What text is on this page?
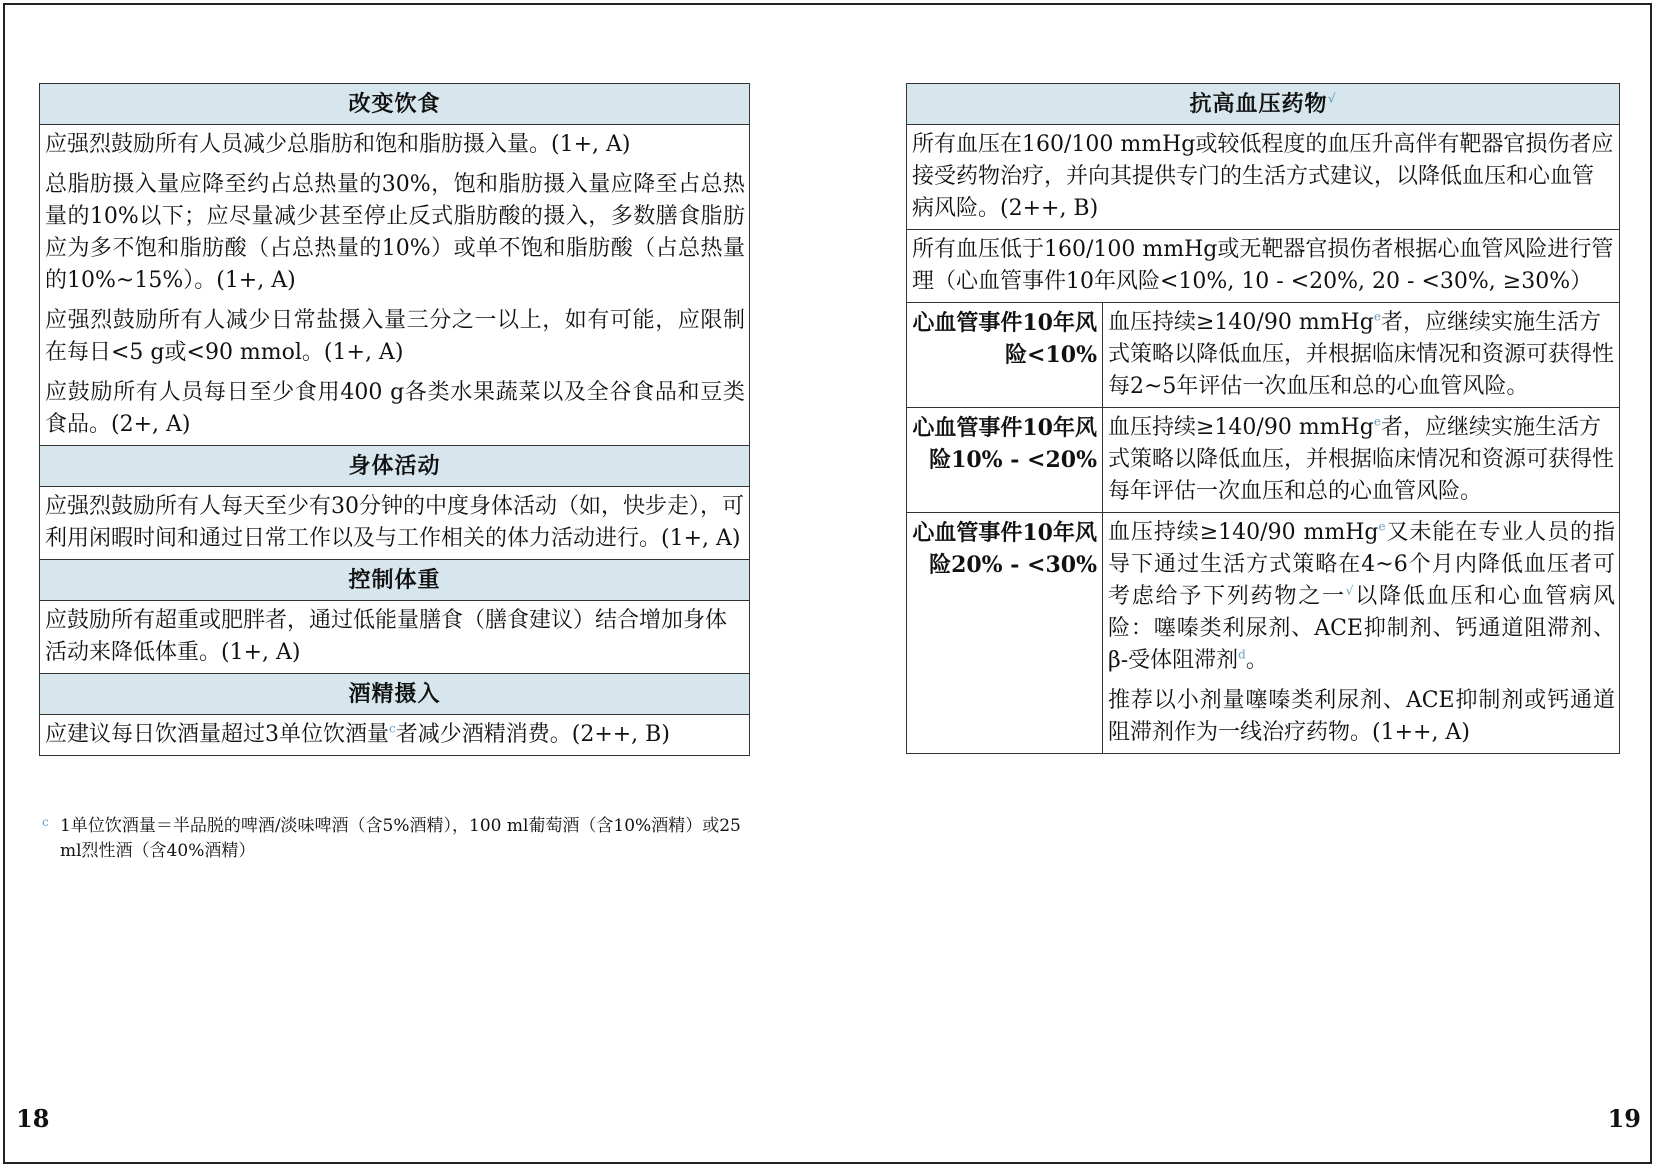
改变饮食

应强烈鼓励所有人员减少总脂肪和饱和脂肪摄入量。(1+, A)
总脂肪摄入量应降至约占总热量的30%，饱和脂肪摄入量应降至占总热量的10%以下；应尽量减少甚至停止反式脂肪酸的摄入，多数膳食脂肪应为多不饱和脂肪酸（占总热量的10%）或单不饱和脂肪酸（占总热量的10%~15%）。(1+, A)
应强烈鼓励所有人减少日常盐摄入量三分之一以上，如有可能，应限制在每日<5 g或<90 mmol。(1+, A)
应鼓励所有人员每日至少食用400 g各类水果蔬菜以及全谷食品和豆类食品。(2+, A)

身体活动
应强烈鼓励所有人每天至少有30分钟的中度身体活动（如，快步走），可利用闲暇时间和通过日常工作以及与工作相关的体力活动进行。(1+, A)
控制体重
应鼓励所有超重或肥胖者，通过低能量膳食（膳食建议）结合增加身体活动来降低体重。(1+, A)
酒精摄入
应建议每日饮酒量超过3单位饮酒量$^c$者减少酒精消费。(2++, B)
c 1单位饮酒量＝半品脱的啤酒/淡味啤酒（含5%酒精），100 ml葡萄酒（含10%酒精）或25 ml烈性酒（含40%酒精）
18
抗高血压药物√
所有血压在160/100 mmHg或较低程度的血压升高伴有靶器官损伤者应接受药物治疗，并向其提供专门的生活方式建议，以降低血压和心血管病风险。(2++, B)	
所有血压低于160/100 mmHg或无靶器官损伤者根据心血管风险进行管理（心血管事件10年风险<10%, 10 - <20%, 20 - <30%, ≥30%）	
心血管事件10年风险<10%	血压持续≥140/90 mmHg$^e$者，应继续实施生活方式策略以降低血压，并根据临床情况和资源可获得性每2~5年评估一次血压和总的心血管风险。
心血管事件10年风险10% - <20%	血压持续≥140/90 mmHg$^e$者，应继续实施生活方式策略以降低血压，并根据临床情况和资源可获得性每年评估一次血压和总的心血管风险。
心血管事件10年风险20% - <30%	血压持续≥140/90 mmHg$^e$又未能在专业人员的指导下通过生活方式策略在4~6个月内降低血压者可考虑给予下列药物之一√以降低血压和心血管病风险：噻嗪类利尿剂、ACE抑制剂、钙通道阻滞剂、β-受体阻滞剂$^d$。
推荐以小剂量噻嗪类利尿剂、ACE抑制剂或钙通道阻滞剂作为一线治疗药物。(1++, A)
19
